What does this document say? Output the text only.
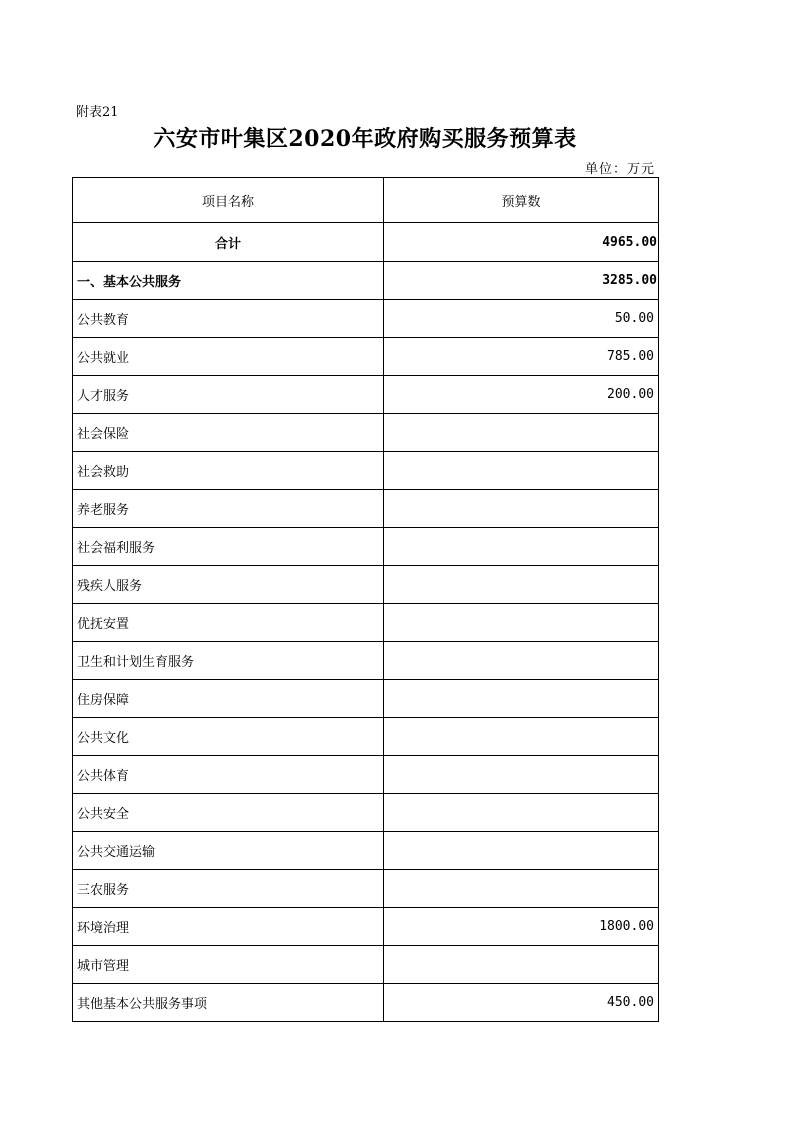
附表21
六安市叶集区2020年政府购买服务预算表
单位：万元
项目名称	预算数
合计	4965.00
一、基本公共服务	3285.00
公共教育	50.00
公共就业	785.00
人才服务	200.00
社会保险	
社会救助	
养老服务	
社会福利服务	
残疾人服务	
优抚安置	
卫生和计划生育服务	
住房保障	
公共文化	
公共体育	
公共安全	
公共交通运输	
三农服务	
环境治理	1800.00
城市管理	
其他基本公共服务事项	450.00
